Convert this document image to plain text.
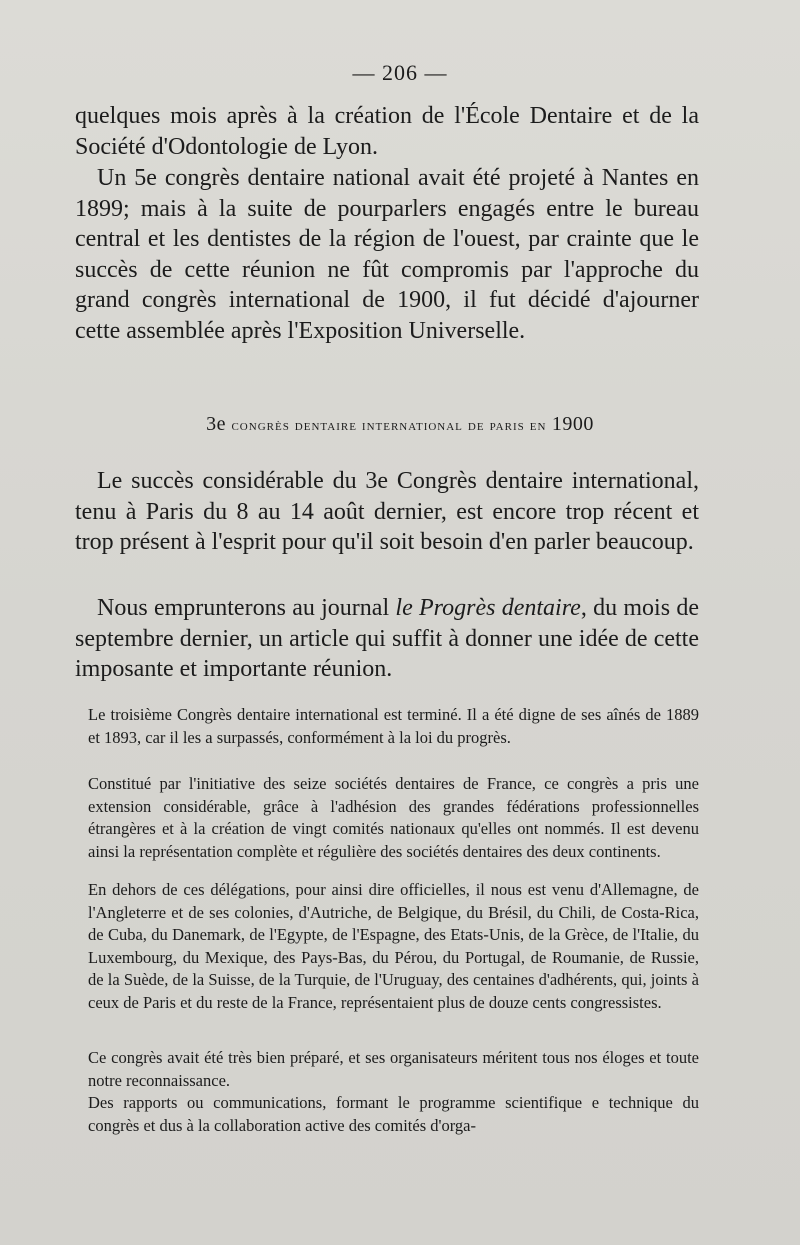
— 206 —

quelques mois après à la création de l'École Dentaire et de la Société d'Odontologie de Lyon.

Un 5e congrès dentaire national avait été projeté à Nantes en 1899; mais à la suite de pourparlers engagés entre le bureau central et les dentistes de la région de l'ouest, par crainte que le succès de cette réunion ne fût compromis par l'approche du grand congrès international de 1900, il fut décidé d'ajourner cette assemblée après l'Exposition Universelle.

3e congrès dentaire international de paris en 1900

Le succès considérable du 3e Congrès dentaire international, tenu à Paris du 8 au 14 août dernier, est encore trop récent et trop présent à l'esprit pour qu'il soit besoin d'en parler beaucoup.

Nous emprunterons au journal le Progrès dentaire, du mois de septembre dernier, un article qui suffit à donner une idée de cette imposante et importante réunion.

Le troisième Congrès dentaire international est terminé. Il a été digne de ses aînés de 1889 et 1893, car il les a surpassés, conformément à la loi du progrès.

Constitué par l'initiative des seize sociétés dentaires de France, ce congrès a pris une extension considérable, grâce à l'adhésion des grandes fédérations professionnelles étrangères et à la création de vingt comités nationaux qu'elles ont nommés. Il est devenu ainsi la représentation complète et régulière des sociétés dentaires des deux continents.

En dehors de ces délégations, pour ainsi dire officielles, il nous est venu d'Allemagne, de l'Angleterre et de ses colonies, d'Autriche, de Belgique, du Brésil, du Chili, de Costa-Rica, de Cuba, du Danemark, de l'Egypte, de l'Espagne, des Etats-Unis, de la Grèce, de l'Italie, du Luxembourg, du Mexique, des Pays-Bas, du Pérou, du Portugal, de Roumanie, de Russie, de la Suède, de la Suisse, de la Turquie, de l'Uruguay, des centaines d'adhérents, qui, joints à ceux de Paris et du reste de la France, représentaient plus de douze cents congressistes.

Ce congrès avait été très bien préparé, et ses organisateurs méritent tous nos éloges et toute notre reconnaissance.

Des rapports ou communications, formant le programme scientifique e technique du congrès et dus à la collaboration active des comités d'orga-
